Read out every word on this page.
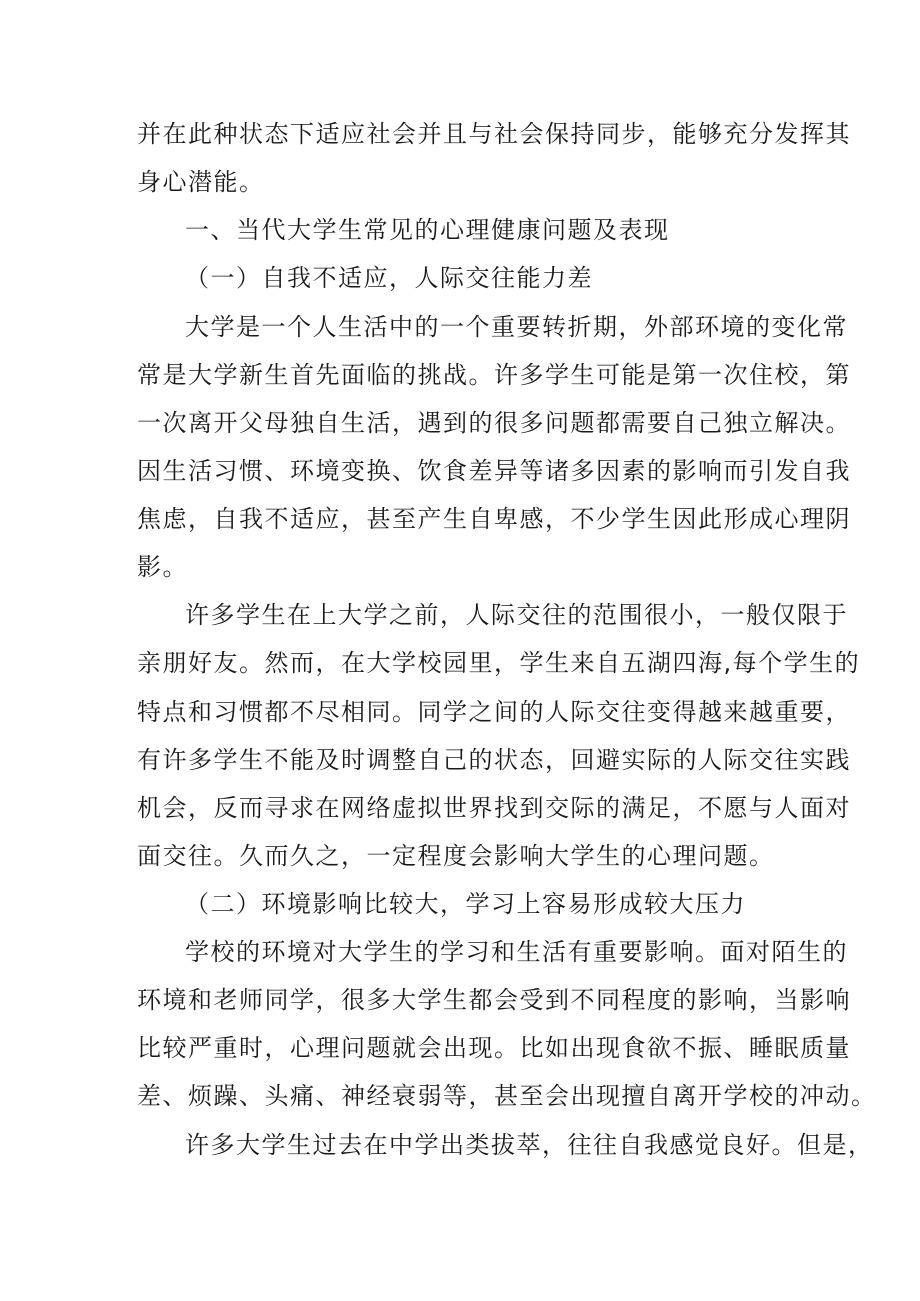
并在此种状态下适应社会并且与社会保持同步，能够充分发挥其
身心潜能。
一、当代大学生常见的心理健康问题及表现
（一）自我不适应，人际交往能力差
大学是一个人生活中的一个重要转折期，外部环境的变化常
常是大学新生首先面临的挑战。许多学生可能是第一次住校，第
一次离开父母独自生活，遇到的很多问题都需要自己独立解决。
因生活习惯、环境变换、饮食差异等诸多因素的影响而引发自我
焦虑，自我不适应，甚至产生自卑感，不少学生因此形成心理阴
影。
许多学生在上大学之前，人际交往的范围很小，一般仅限于
亲朋好友。然而，在大学校园里，学生来自五湖四海,每个学生的
特点和习惯都不尽相同。同学之间的人际交往变得越来越重要，
有许多学生不能及时调整自己的状态，回避实际的人际交往实践
机会，反而寻求在网络虚拟世界找到交际的满足，不愿与人面对
面交往。久而久之，一定程度会影响大学生的心理问题。
（二）环境影响比较大，学习上容易形成较大压力
学校的环境对大学生的学习和生活有重要影响。面对陌生的
环境和老师同学，很多大学生都会受到不同程度的影响，当影响
比较严重时，心理问题就会出现。比如出现食欲不振、睡眠质量
差、烦躁、头痛、神经衰弱等，甚至会出现擅自离开学校的冲动。
许多大学生过去在中学出类拔萃，往往自我感觉良好。但是，
